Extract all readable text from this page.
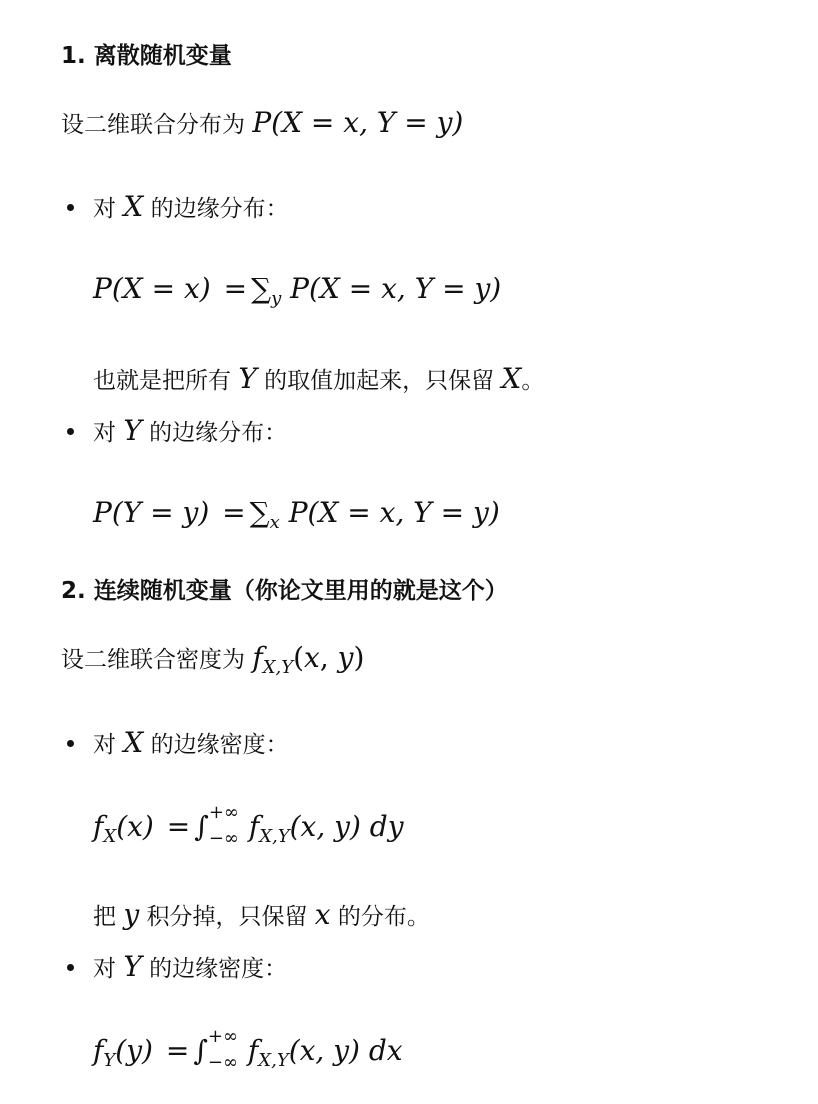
1. 离散随机变量
设二维联合分布为 P(X = x, Y = y)
对 X 的边缘分布：
$P(X = x) = \sum_y$ P(X = x, Y = y)
也就是把所有 Y 的取值加起来，只保留 X。
对 Y 的边缘分布：
$P(Y = y) = \sum_x$ P(X = x, Y = y)
2. 连续随机变量（你论文里用的就是这个）
设二维联合密度为 $f_{X,Y}(x$, y)
对 X 的边缘密度：
$f_X(x)$ = ∫ +∞
−∞ $f_{X,Y}(x$, y) dy
把 y 积分掉，只保留 x 的分布。
对 Y 的边缘密度：
$f_Y(y)$ = ∫ +∞
−∞ $f_{X,Y}(x$, y) dx
